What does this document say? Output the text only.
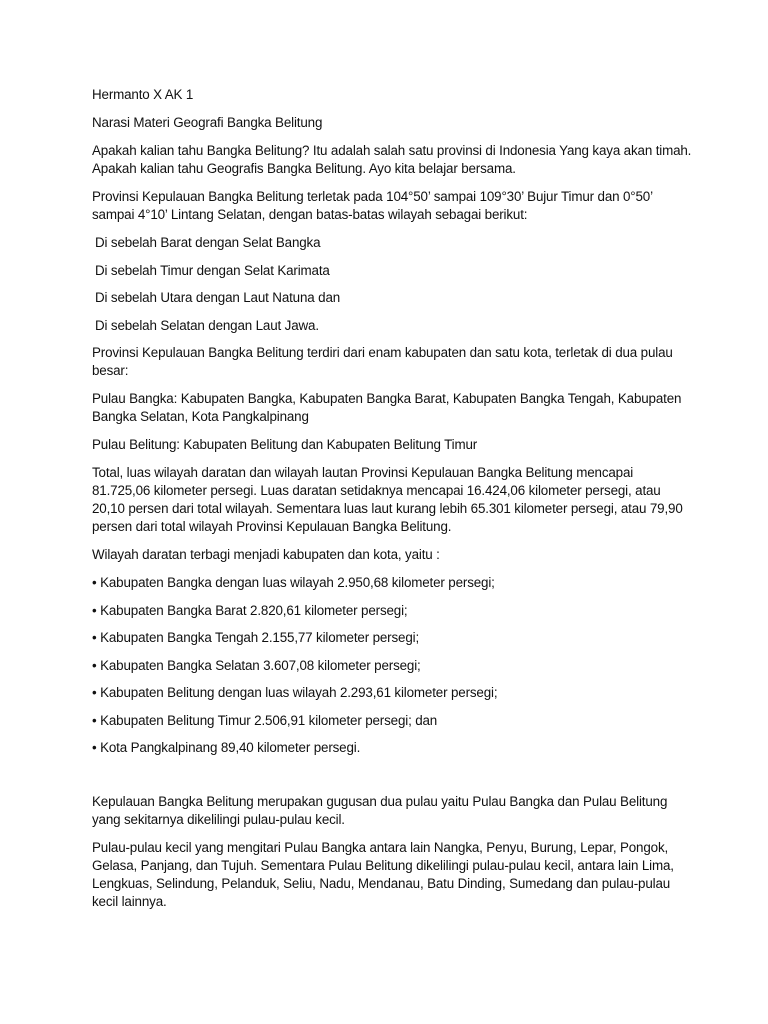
Hermanto X AK 1

Narasi Materi Geografi Bangka Belitung

Apakah kalian tahu Bangka Belitung? Itu adalah salah satu provinsi di Indonesia Yang kaya akan timah. Apakah kalian tahu Geografis Bangka Belitung. Ayo kita belajar bersama.

Provinsi Kepulauan Bangka Belitung terletak pada 104°50’ sampai 109°30’ Bujur Timur dan 0°50’ sampai 4°10’ Lintang Selatan, dengan batas-batas wilayah sebagai berikut:

Di sebelah Barat dengan Selat Bangka

Di sebelah Timur dengan Selat Karimata

Di sebelah Utara dengan Laut Natuna dan

Di sebelah Selatan dengan Laut Jawa.

Provinsi Kepulauan Bangka Belitung terdiri dari enam kabupaten dan satu kota, terletak di dua pulau besar:

Pulau Bangka: Kabupaten Bangka, Kabupaten Bangka Barat, Kabupaten Bangka Tengah, Kabupaten Bangka Selatan, Kota Pangkalpinang

Pulau Belitung: Kabupaten Belitung dan Kabupaten Belitung Timur

Total, luas wilayah daratan dan wilayah lautan Provinsi Kepulauan Bangka Belitung mencapai 81.725,06 kilometer persegi. Luas daratan setidaknya mencapai 16.424,06 kilometer persegi, atau 20,10 persen dari total wilayah. Sementara luas laut kurang lebih 65.301 kilometer persegi, atau 79,90 persen dari total wilayah Provinsi Kepulauan Bangka Belitung.

Wilayah daratan terbagi menjadi kabupaten dan kota, yaitu :

• Kabupaten Bangka dengan luas wilayah 2.950,68 kilometer persegi;

• Kabupaten Bangka Barat 2.820,61 kilometer persegi;

• Kabupaten Bangka Tengah 2.155,77 kilometer persegi;

• Kabupaten Bangka Selatan 3.607,08 kilometer persegi;

• Kabupaten Belitung dengan luas wilayah 2.293,61 kilometer persegi;

• Kabupaten Belitung Timur 2.506,91 kilometer persegi; dan

• Kota Pangkalpinang 89,40 kilometer persegi.

Kepulauan Bangka Belitung merupakan gugusan dua pulau yaitu Pulau Bangka dan Pulau Belitung yang sekitarnya dikelilingi pulau-pulau kecil.

Pulau-pulau kecil yang mengitari Pulau Bangka antara lain Nangka, Penyu, Burung, Lepar, Pongok, Gelasa, Panjang, dan Tujuh. Sementara Pulau Belitung dikelilingi pulau-pulau kecil, antara lain Lima, Lengkuas, Selindung, Pelanduk, Seliu, Nadu, Mendanau, Batu Dinding, Sumedang dan pulau-pulau kecil lainnya.
